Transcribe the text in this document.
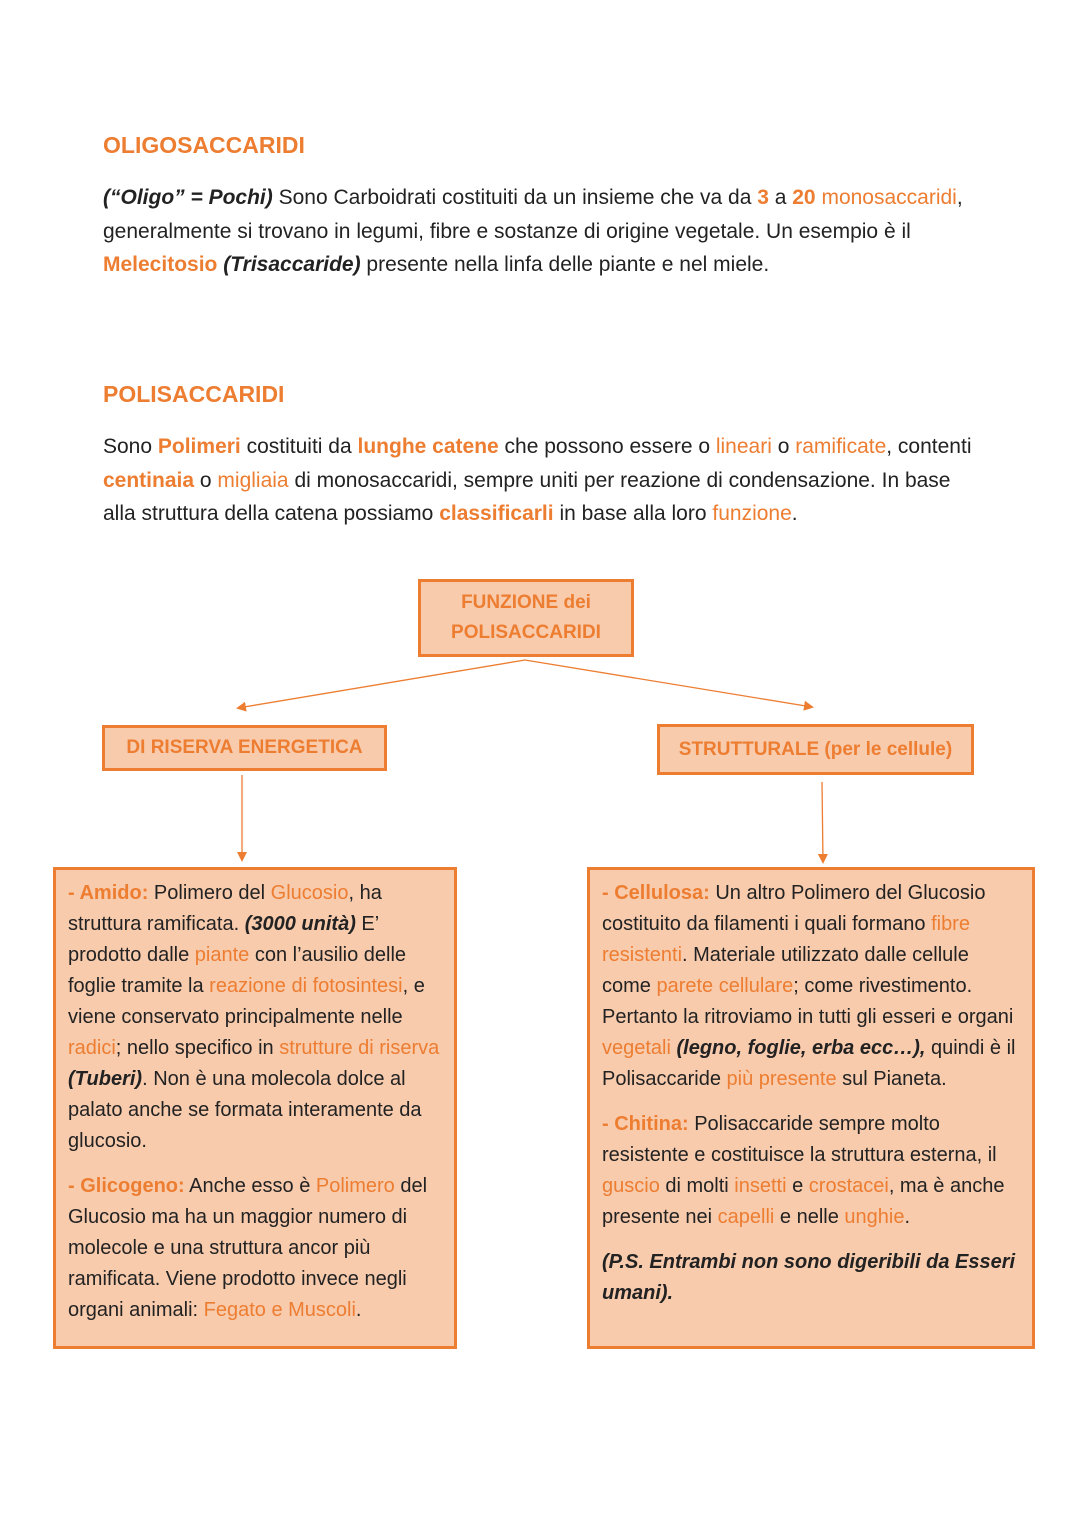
OLIGOSACCARIDI

(“Oligo” = Pochi) Sono Carboidrati costituiti da un insieme che va da 3 a 20 monosaccaridi, generalmente si trovano in legumi, fibre e sostanze di origine vegetale. Un esempio è il Melecitosio (Trisaccaride) presente nella linfa delle piante e nel miele.

POLISACCARIDI

Sono Polimeri costituiti da lunghe catene che possono essere o lineari o ramificate, contenti centinaia o migliaia di monosaccaridi, sempre uniti per reazione di condensazione. In base alla struttura della catena possiamo classificarli in base alla loro funzione.

FUNZIONE dei
POLISACCARIDI
DI RISERVA ENERGETICA	STRUTTURALE (per le cellule)

- Amido: Polimero del Glucosio, ha struttura ramificata. (3000 unità) E’ prodotto dalle piante con l’ausilio delle foglie tramite la reazione di fotosintesi, e viene conservato principalmente nelle radici; nello specifico in strutture di riserva (Tuberi). Non è una molecola dolce al palato anche se formata interamente da glucosio.

- Glicogeno: Anche esso è Polimero del Glucosio ma ha un maggior numero di molecole e una struttura ancor più ramificata. Viene prodotto invece negli organi animali: Fegato e Muscoli.

- Cellulosa: Un altro Polimero del Glucosio costituito da filamenti i quali formano fibre resistenti. Materiale utilizzato dalle cellule come parete cellulare; come rivestimento. Pertanto la ritroviamo in tutti gli esseri e organi vegetali (legno, foglie, erba ecc…), quindi è il Polisaccaride più presente sul Pianeta.

- Chitina: Polisaccaride sempre molto resistente e costituisce la struttura esterna, il guscio di molti insetti e crostacei, ma è anche presente nei capelli e nelle unghie.

(P.S. Entrambi non sono digeribili da Esseri umani).
